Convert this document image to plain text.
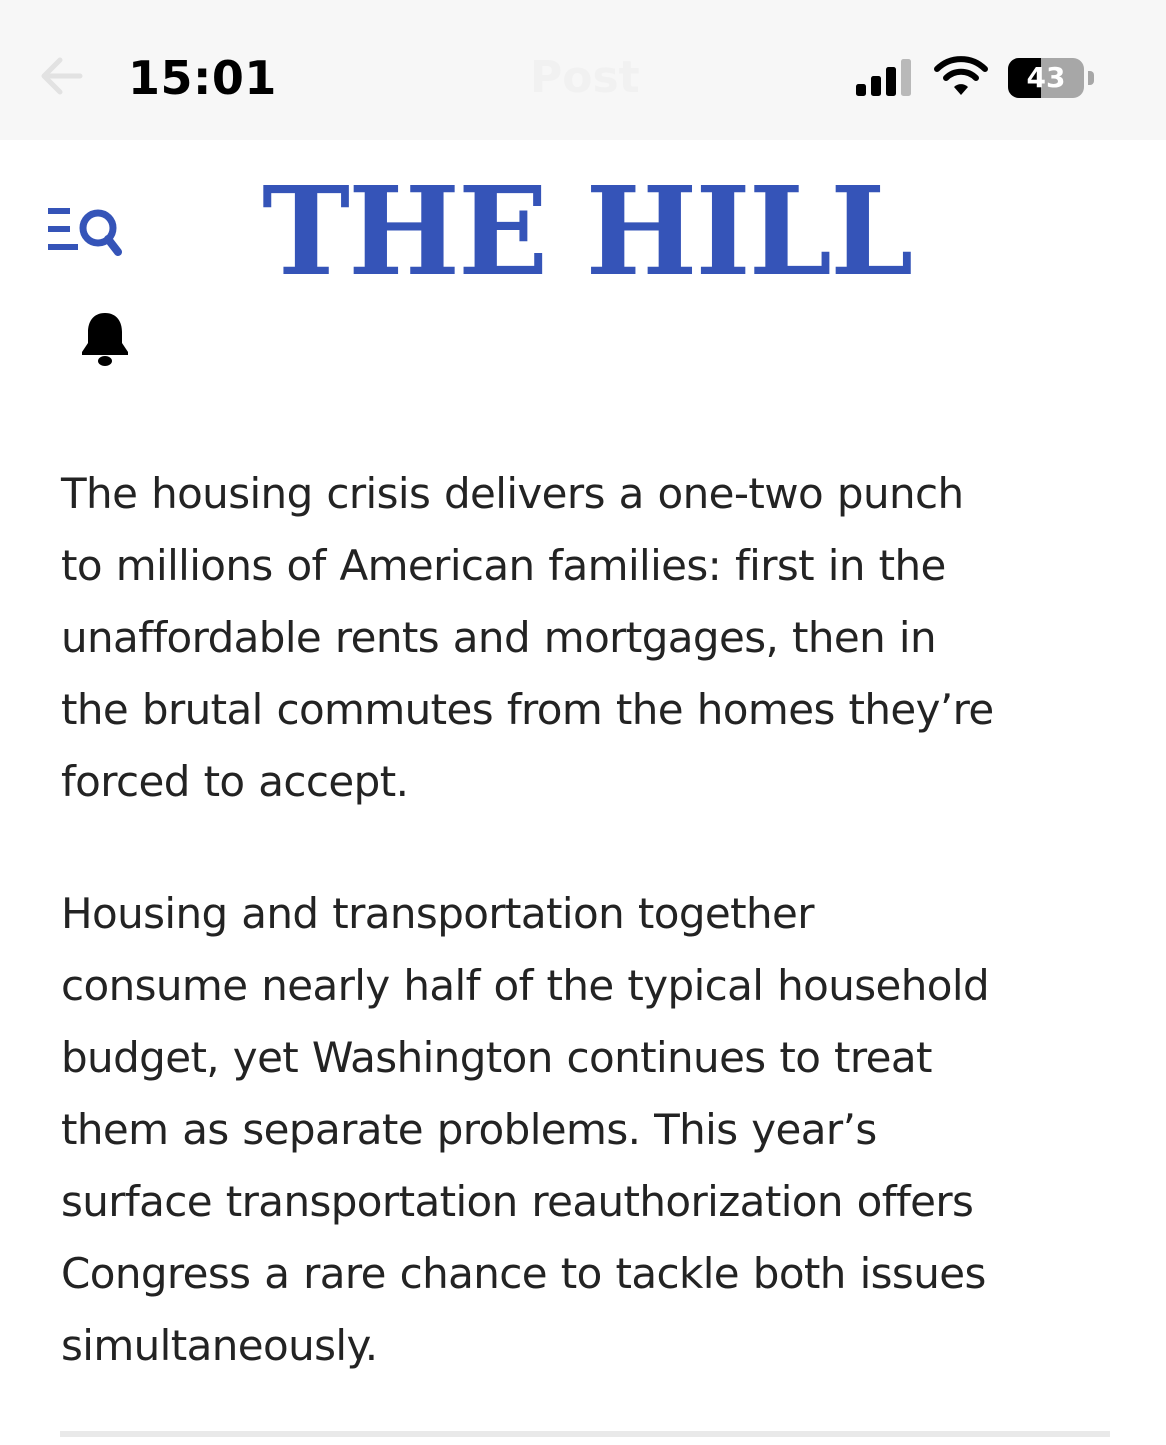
15:01	Post	43
THE HILL

The housing crisis delivers a one-two punch
to millions of American families: first in the
unaffordable rents and mortgages, then in
the brutal commutes from the homes they’re
forced to accept.

Housing and transportation together
consume nearly half of the typical household
budget, yet Washington continues to treat
them as separate problems. This year’s
surface transportation reauthorization offers
Congress a rare chance to tackle both issues
simultaneously.
